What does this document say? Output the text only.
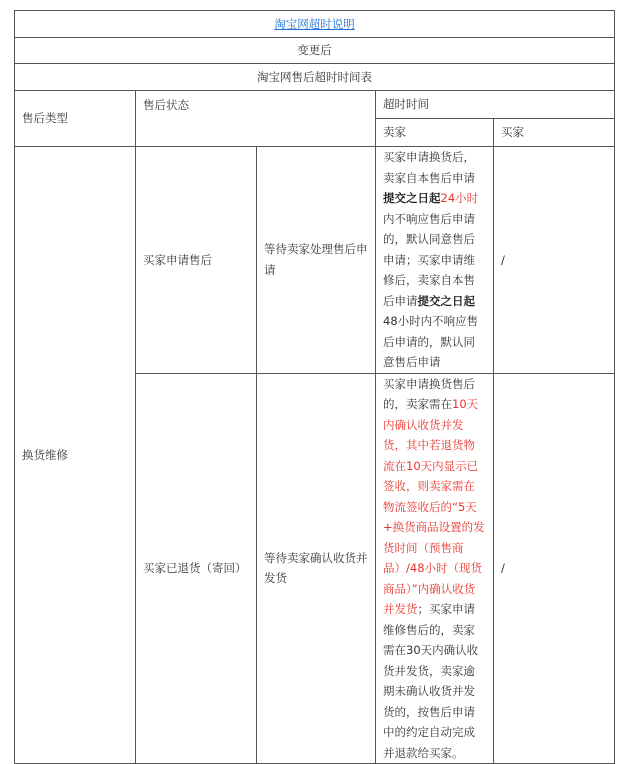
淘宝网超时说明				
变更后				
淘宝网售后超时时间表				
售后类型	售后状态		超时时间	
			卖家	买家
换货维修	买家申请售后	等待卖家处理售后申请	买家申请换货后，卖家自本售后申请提交之日起24小时内不响应售后申请的，默认同意售后申请；买家申请维修后，卖家自本售后申请提交之日起48小时内不响应售后申请的，默认同意售后申请	/
	买家已退货（寄回）	等待卖家确认收货并发货	买家申请换货售后的，卖家需在10天内确认收货并发货，其中若退货物流在10天内显示已签收，则卖家需在物流签收后的“5天+换货商品设置的发货时间（预售商品）/48小时（现货商品）”内确认收货并发货；买家申请维修售后的，卖家需在30天内确认收货并发货，卖家逾期未确认收货并发货的，按售后申请中的约定自动完成并退款给买家。	/
